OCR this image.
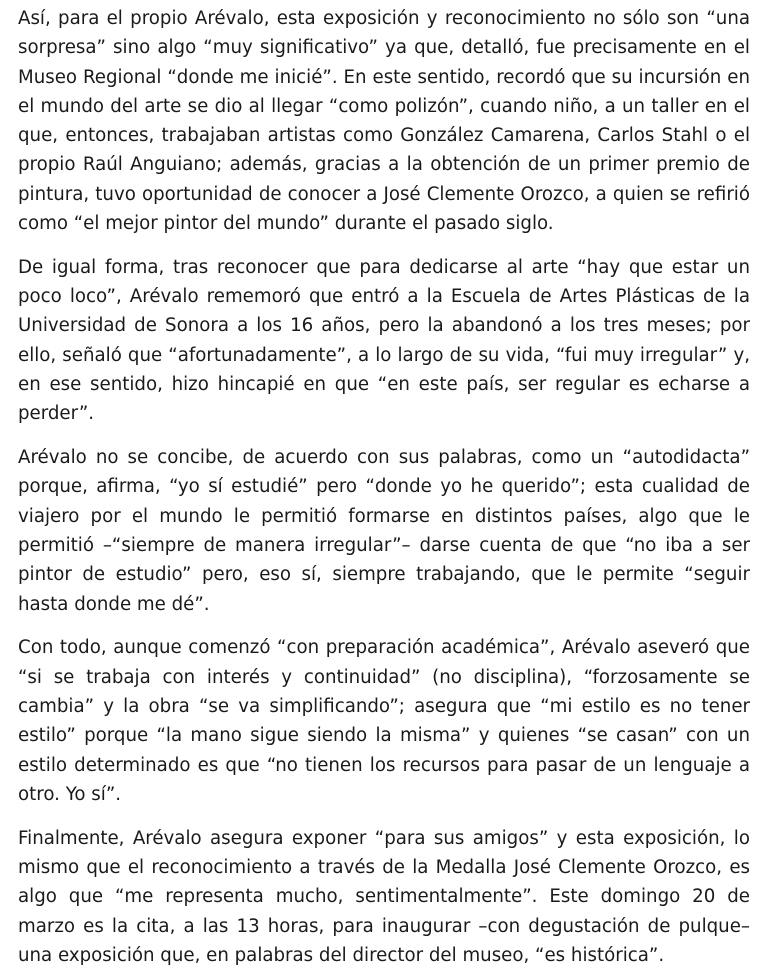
Así, para el propio Arévalo, esta exposición y reconocimiento no sólo son “una sorpresa” sino algo “muy significativo” ya que, detalló, fue precisamente en el Museo Regional “donde me inicié”. En este sentido, recordó que su incursión en el mundo del arte se dio al llegar “como polizón”, cuando niño, a un taller en el que, entonces, trabajaban artistas como González Camarena, Carlos Stahl o el propio Raúl Anguiano; además, gracias a la obtención de un primer premio de pintura, tuvo oportunidad de conocer a José Clemente Orozco, a quien se refirió como “el mejor pintor del mundo” durante el pasado siglo.

De igual forma, tras reconocer que para dedicarse al arte “hay que estar un poco loco”, Arévalo rememoró que entró a la Escuela de Artes Plásticas de la Universidad de Sonora a los 16 años, pero la abandonó a los tres meses; por ello, señaló que “afortunadamente”, a lo largo de su vida, “fui muy irregular” y, en ese sentido, hizo hincapié en que “en este país, ser regular es echarse a perder”.

Arévalo no se concibe, de acuerdo con sus palabras, como un “autodidacta” porque, afirma, “yo sí estudié” pero “donde yo he querido”; esta cualidad de viajero por el mundo le permitió formarse en distintos países, algo que le permitió –“siempre de manera irregular”– darse cuenta de que “no iba a ser pintor de estudio” pero, eso sí, siempre trabajando, que le permite “seguir hasta donde me dé”.

Con todo, aunque comenzó “con preparación académica”, Arévalo aseveró que “si se trabaja con interés y continuidad” (no disciplina), “forzosamente se cambia” y la obra “se va simplificando”; asegura que “mi estilo es no tener estilo” porque “la mano sigue siendo la misma” y quienes “se casan” con un estilo determinado es que “no tienen los recursos para pasar de un lenguaje a otro. Yo sí”.

Finalmente, Arévalo asegura exponer “para sus amigos” y esta exposición, lo mismo que el reconocimiento a través de la Medalla José Clemente Orozco, es algo que “me representa mucho, sentimentalmente”. Este domingo 20 de marzo es la cita, a las 13 horas, para inaugurar –con degustación de pulque– una exposición que, en palabras del director del museo, “es histórica”.
